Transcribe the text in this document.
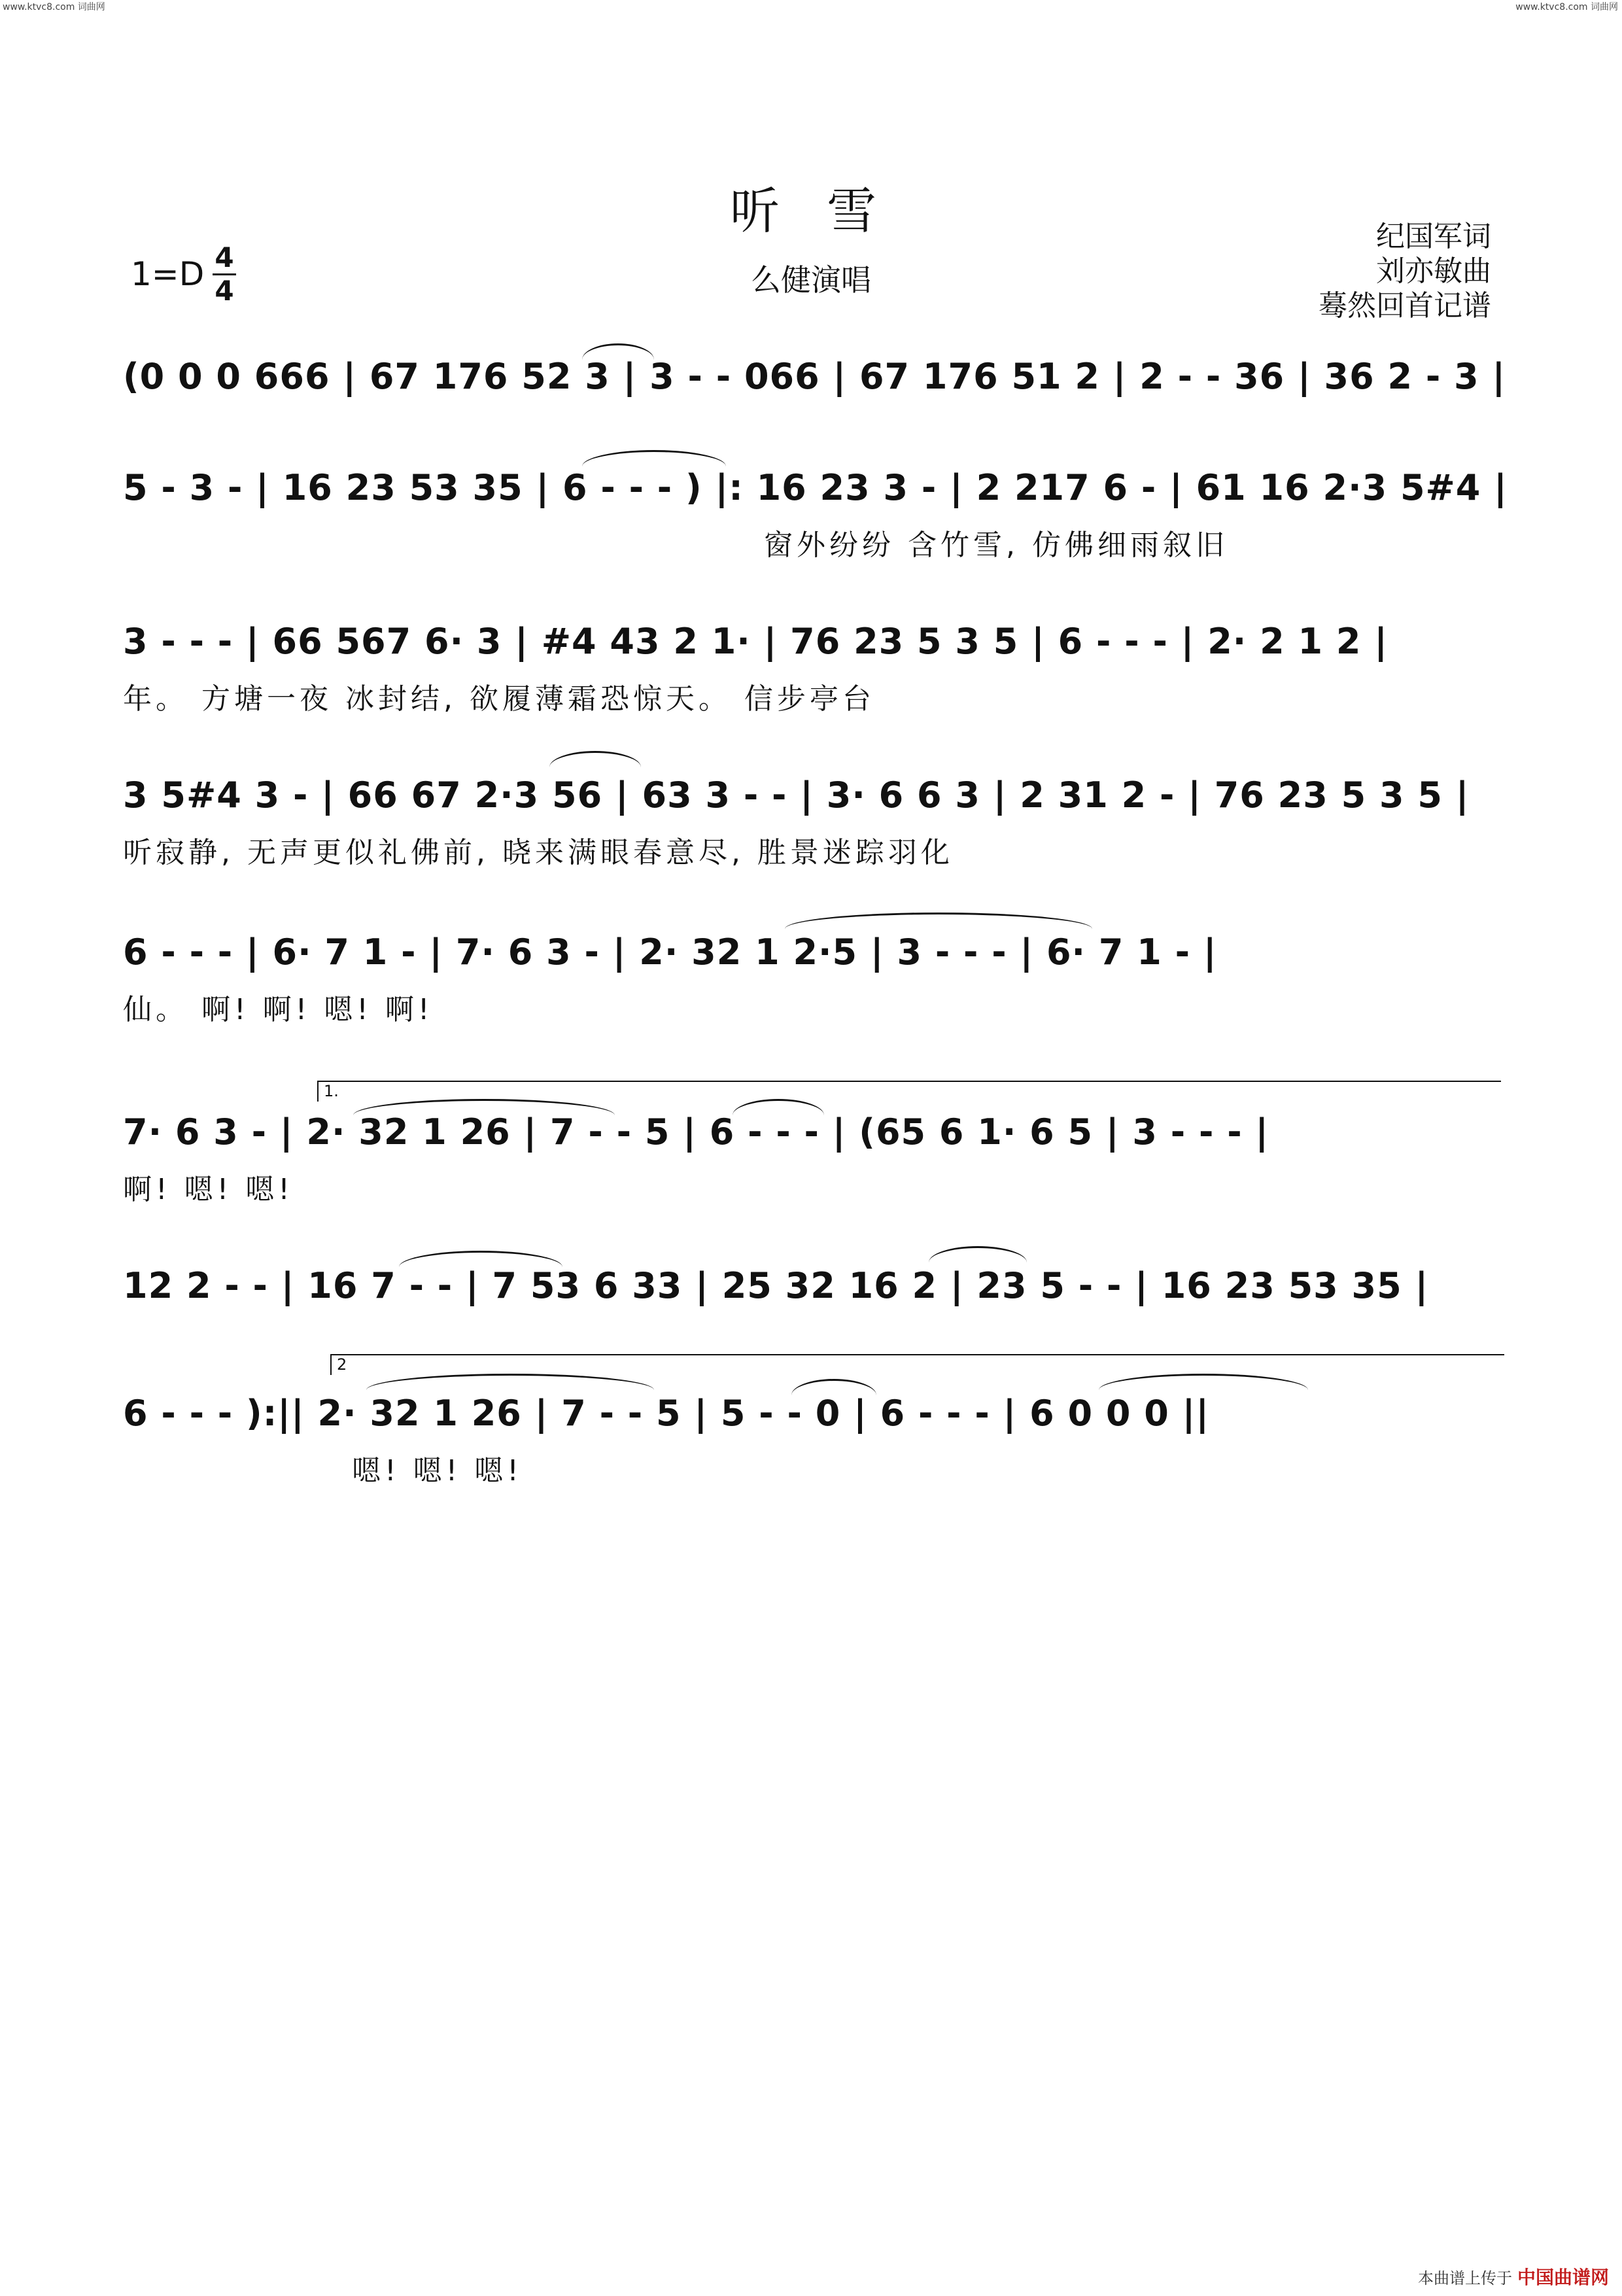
www.ktvc8.com 词曲网	www.ktvc8.com 词曲网
听 雪
么健演唱
纪国军词
刘亦敏曲
蓦然回首记谱
1=D 4
4
(0 0 0 666 | 67 176 52 3 | 3 - - 066 | 67 176 51 2 | 2 - - 36 | 36 2 - 3 |
5 - 3 - | 16 23 53 35 | 6 - - - ) |: 16 23 3 - | 2 217 6 - | 61 16 2·3 5#4 |
窗外纷纷 含竹雪, 仿佛细雨叙旧
3 - - - | 66 567 6· 3 | #4 43 2 1· | 76 23 5 3 5 | 6 - - - | 2· 2 1 2 |
年。 方塘一夜 冰封结, 欲履薄霜恐惊天。 信步亭台
3 5#4 3 - | 66 67 2·3 56 | 63 3 - - | 3· 6 6 3 | 2 31 2 - | 76 23 5 3 5 |
听寂静, 无声更似礼佛前, 晓来满眼春意尽, 胜景迷踪羽化
6 - - - | 6· 7 1 - | 7· 6 3 - | 2· 32 1 2·5 | 3 - - - | 6· 7 1 - |
仙。 啊! 啊! 嗯! 啊!
1.
7· 6 3 - | 2· 32 1 26 | 7 - - 5 | 6 - - - | (65 6 1· 6 5 | 3 - - - |
啊! 嗯! 嗯!
12 2 - - | 16 7 - - | 7 53 6 33 | 25 32 16 2 | 23 5 - - | 16 23 53 35 |
2
6 - - - ):|| 2· 32 1 26 | 7 - - 5 | 5 - - 0 | 6 - - - | 6 0 0 0 ||
嗯! 嗯! 嗯!
本曲谱上传于 中国曲谱网
